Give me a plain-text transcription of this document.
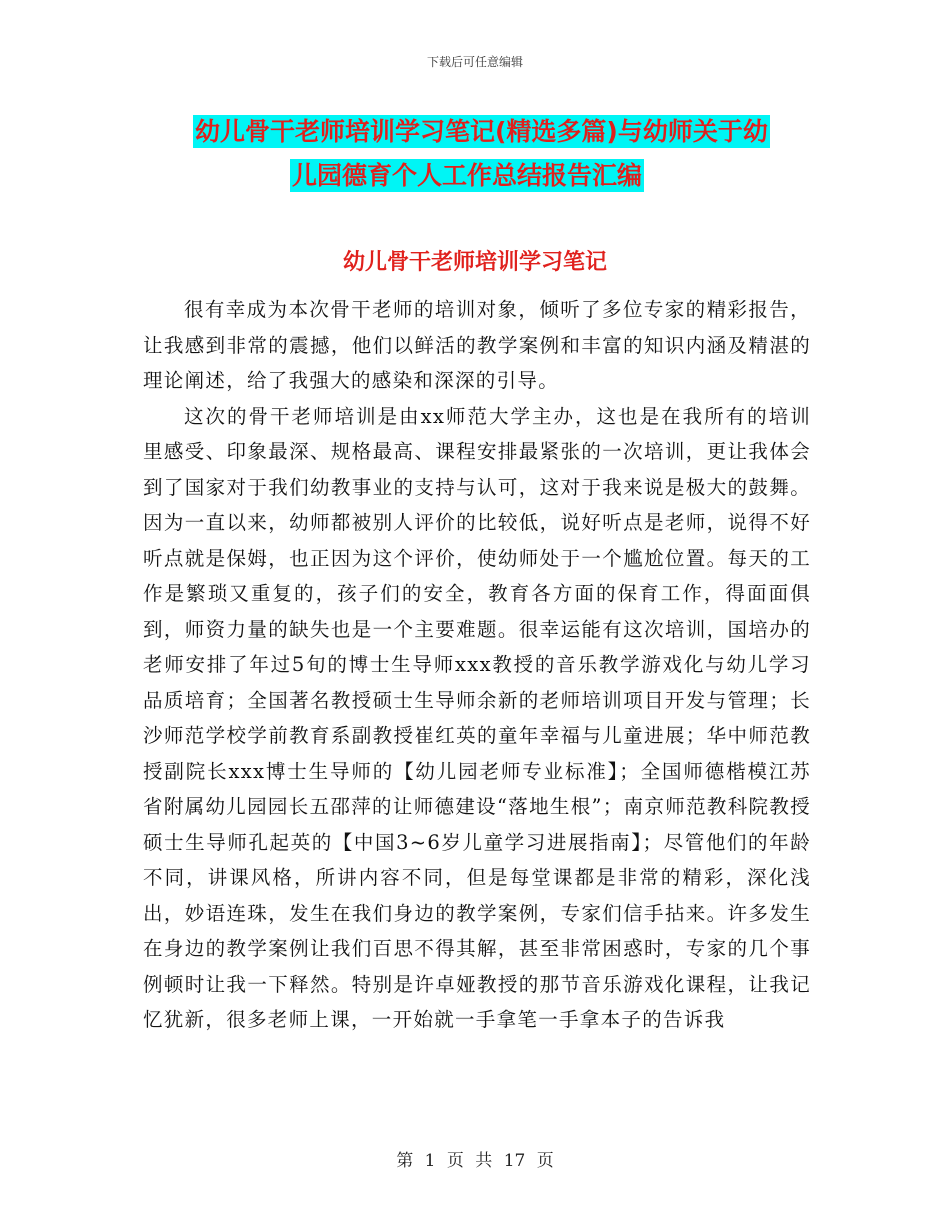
下载后可任意编辑
幼儿骨干老师培训学习笔记(精选多篇)与幼师关于幼
儿园德育个人工作总结报告汇编
幼儿骨干老师培训学习笔记

很有幸成为本次骨干老师的培训对象，倾听了多位专家的精彩报告，让我感到非常的震撼，他们以鲜活的教学案例和丰富的知识内涵及精湛的理论阐述，给了我强大的感染和深深的引导。

这次的骨干老师培训是由xx师范大学主办，这也是在我所有的培训里感受、印象最深、规格最高、课程安排最紧张的一次培训，更让我体会到了国家对于我们幼教事业的支持与认可，这对于我来说是极大的鼓舞。因为一直以来，幼师都被别人评价的比较低，说好听点是老师，说得不好听点就是保姆，也正因为这个评价，使幼师处于一个尴尬位置。每天的工作是繁琐又重复的，孩子们的安全，教育各方面的保育工作，得面面俱到，师资力量的缺失也是一个主要难题。很幸运能有这次培训，国培办的老师安排了年过5旬的博士生导师xxx教授的音乐教学游戏化与幼儿学习品质培育；全国著名教授硕士生导师余新的老师培训项目开发与管理；长沙师范学校学前教育系副教授崔红英的童年幸福与儿童进展；华中师范教授副院长xxx博士生导师的【幼儿园老师专业标准】；全国师德楷模江苏省附属幼儿园园长五邵萍的让师德建设“落地生根”；南京师范教科院教授硕士生导师孔起英的【中国3~6岁儿童学习进展指南】；尽管他们的年龄不同，讲课风格，所讲内容不同，但是每堂课都是非常的精彩，深化浅出，妙语连珠，发生在我们身边的教学案例，专家们信手拈来。许多发生在身边的教学案例让我们百思不得其解，甚至非常困惑时，专家的几个事例顿时让我一下释然。特别是许卓娅教授的那节音乐游戏化课程，让我记忆犹新，很多老师上课，一开始就一手拿笔一手拿本子的告诉我

第 1 页 共 17 页
